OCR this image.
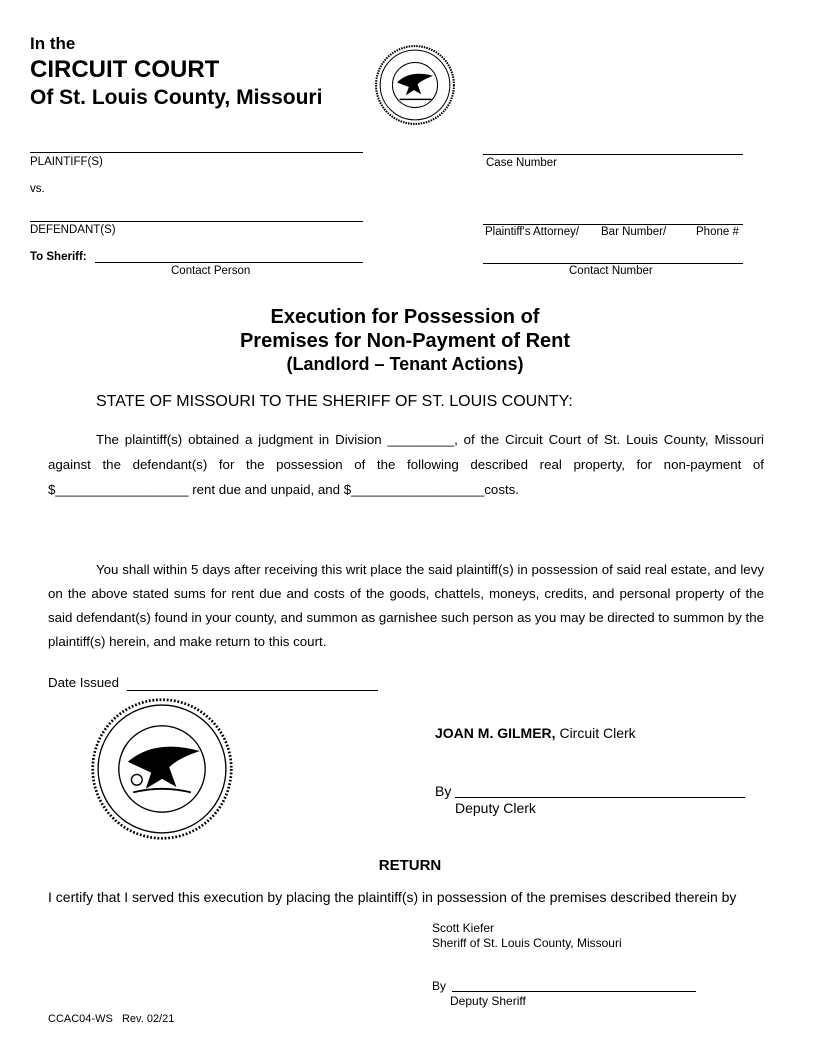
In the
CIRCUIT COURT
Of St. Louis County, Missouri
PLAINTIFF(S)
vs.
DEFENDANT(S)
To Sheriff:
Contact Person
Case Number
Plaintiff's Attorney/ Bar Number/	Phone #
Contact Number
Execution for Possession of
Premises for Non-Payment of Rent
(Landlord – Tenant Actions)
STATE OF MISSOURI TO THE SHERIFF OF ST. LOUIS COUNTY:
The plaintiff(s) obtained a judgment in Division _________, of the Circuit Court of St. Louis County, Missouri against the defendant(s) for the possession of the following described real property, for non-payment of $__________________ rent due and unpaid, and $__________________costs.
You shall within 5 days after receiving this writ place the said plaintiff(s) in possession of said real estate, and levy on the above stated sums for rent due and costs of the goods, chattels, moneys, credits, and personal property of the said defendant(s) found in your county, and summon as garnishee such person as you may be directed to summon by the plaintiff(s) herein, and make return to this court.
Date Issued
JOAN M. GILMER, Circuit Clerk
By
Deputy Clerk
RETURN
I certify that I served this execution by placing the plaintiff(s) in possession of the premises described therein by
Scott Kiefer
Sheriff of St. Louis County, Missouri
By
Deputy Sheriff
CCAC04-WS Rev. 02/21
